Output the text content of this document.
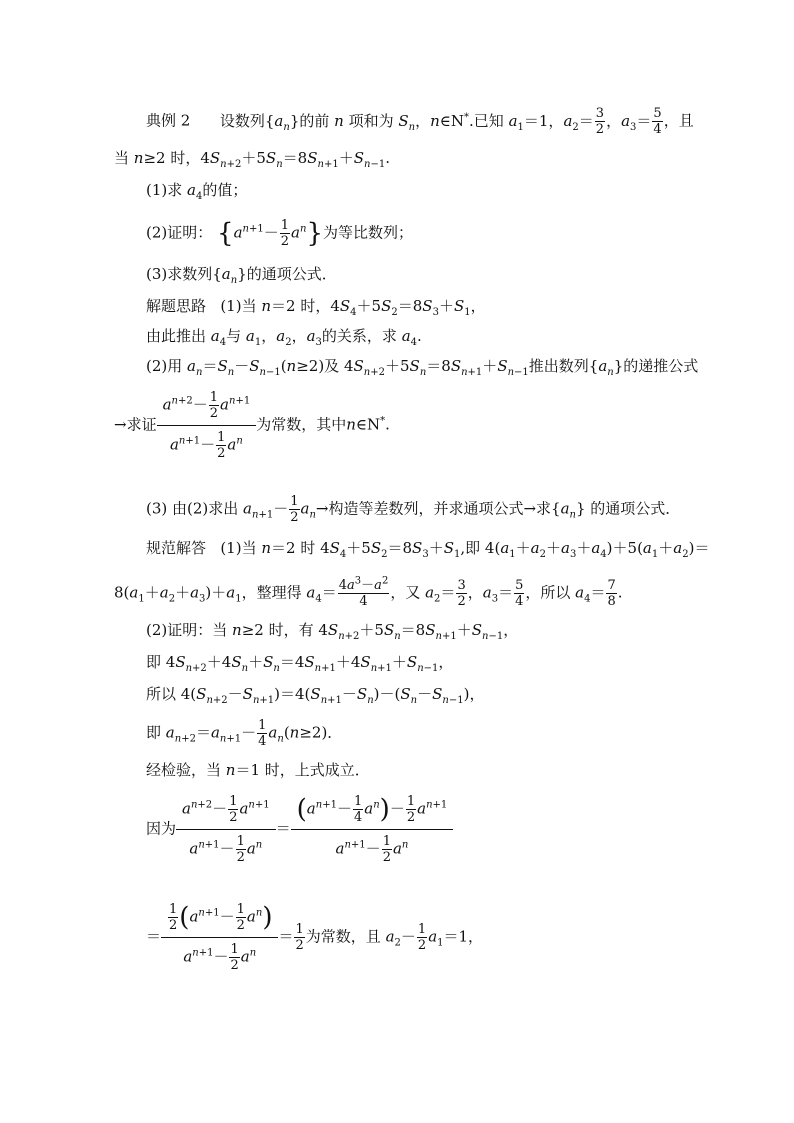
典例 2 设数列$\{a_n\}$的前 n 项和为 $S_n$，n∈N*.已知 $a_1=1$，$a_2= \frac{3}{2}$ ，$a_3= \frac{5}{4}$ ，且
当 n≥2 时，$4S_{n+2}+5S_n=8S_{n+1}+S_{n-1}$.
(1)求 $a_4$的值；
(2)证明： $\{a^{n+1}- \frac{1}{2} a^n\}$为等比数列；
(3)求数列$\{a_n\}$的通项公式．
解题思路   (1)当 n＝2 时，$4S_4+5S_2=8S_3+S_1$，
由此推出 $a_4$与 $a_1$，$a_2$，$a_3$的关系，求 $a_4$.
(2)用 $a_n=S_n-S_{n-1}(n\ge 2)$及 $4S_{n+2}+5S_n=8S_{n+1}+S_{n-1}$推出数列$\{a_n\}$的递推公式
→求证 $\frac{a^{n+2}- \frac{1}{2} a^{n+1}}{a^{n+1}- \frac{1}{2} a^n}$ 为常数，其中n∈N*.
(3) 由(2)求出 $a_{n+1}- \frac{1}{2} a_n\to$构造等差数列，并求通项公式→求$\{a_n\}$ 的通项公式．
规范解答   (1)当 n＝2 时 $4S_4+5S_2=8S_3+S_1$,即 $4(a_1+a_2+a_3+a_4)+5(a_1+a_2)=$
$8(a_1+a_2+a_3)+a_1$，整理得 $a_4= \frac{4a^3-a^2}{4}$ ，又 $a_2= \frac{3}{2}$ ，$a_3= \frac{5}{4}$ ，所以 $a_4= \frac{7}{8}$ .
(2)证明：当 n≥2 时，有 $4S_{n+2}+5S_n=8S_{n+1}+S_{n-1}$，
即 $4S_{n+2}+4S_n+S_n=4S_{n+1}+4S_{n+1}+S_{n-1}$，
所以 $4(S_{n+2}-S_{n+1})=4(S_{n+1}-S_n)-(S_n-S_{n-1})$，
即 $a_{n+2}=a_{n+1}- \frac{1}{4} a_n(n\ge 2)$．
经检验，当 n＝1 时，上式成立．
因为 $\frac{a^{n+2}- \frac{1}{2} a^{n+1}}{a^{n+1}- \frac{1}{2} a^n} = \frac{(a^{n+1}- \frac{1}{4} a^n)- \frac{1}{2} a^{n+1}}{a^{n+1}- \frac{1}{2} a^n}$
＝ $\frac{\frac{1}{2} (a^{n+1}- \frac{1}{2} a^n)}{a^{n+1}- \frac{1}{2} a^n} = \frac{1}{2}$ 为常数，且 $a_2- \frac{1}{2} a_1=1$，
